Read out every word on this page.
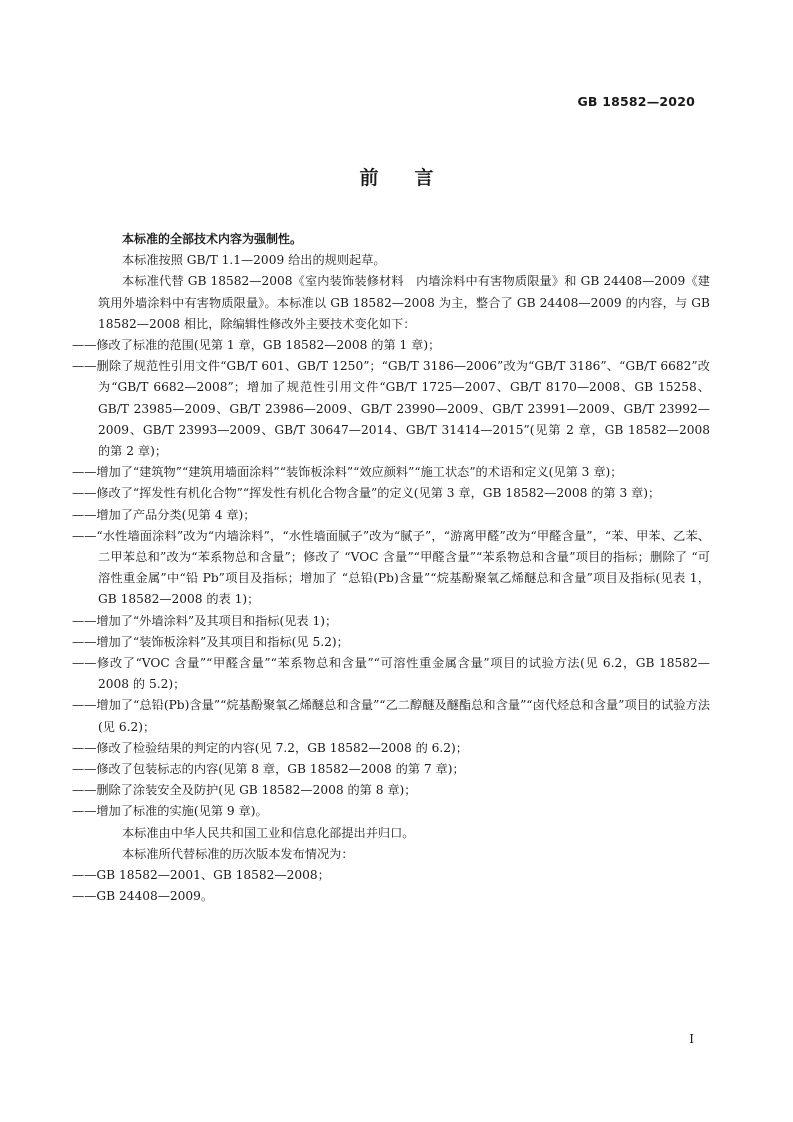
GB 18582—2020
前言

本标准的全部技术内容为强制性。

本标准按照 GB/T 1.1—2009 给出的规则起草。

本标准代替 GB 18582—2008《室内装饰装修材料　内墙涂料中有害物质限量》和 GB 24408—2009《建筑用外墙涂料中有害物质限量》。本标准以 GB 18582—2008 为主，整合了 GB 24408—2009 的内容，与 GB 18582—2008 相比，除编辑性修改外主要技术变化如下：

——修改了标准的范围(见第 1 章，GB 18582—2008 的第 1 章)；

——删除了规范性引用文件“GB/T 601、GB/T 1250”；“GB/T 3186—2006”改为“GB/T 3186”、“GB/T 6682”改为“GB/T 6682—2008”；增加了规范性引用文件“GB/T 1725—2007、GB/T 8170—2008、GB 15258、GB/T 23985—2009、GB/T 23986—2009、GB/T 23990—2009、GB/T 23991—2009、GB/T 23992—2009、GB/T 23993—2009、GB/T 30647—2014、GB/T 31414—2015”(见第 2 章，GB 18582—2008 的第 2 章)；

——增加了“建筑物”“建筑用墙面涂料”“装饰板涂料”“效应颜料”“施工状态”的术语和定义(见第 3 章)；

——修改了“挥发性有机化合物”“挥发性有机化合物含量”的定义(见第 3 章，GB 18582—2008 的第 3 章)；

——增加了产品分类(见第 4 章)；

——“水性墙面涂料”改为“内墙涂料”，“水性墙面腻子”改为“腻子”，“游离甲醛”改为“甲醛含量”，“苯、甲苯、乙苯、二甲苯总和”改为“苯系物总和含量”；修改了 “VOC 含量”“甲醛含量”“苯系物总和含量”项目的指标；删除了 “可溶性重金属”中“铅 Pb”项目及指标；增加了 “总铅(Pb)含量”“烷基酚聚氧乙烯醚总和含量”项目及指标(见表 1，GB 18582—2008 的表 1)；

——增加了“外墙涂料”及其项目和指标(见表 1)；

——增加了“装饰板涂料”及其项目和指标(见 5.2)；

——修改了“VOC 含量”“甲醛含量”“苯系物总和含量”“可溶性重金属含量”项目的试验方法(见 6.2，GB 18582—2008 的 5.2)；

——增加了“总铅(Pb)含量”“烷基酚聚氧乙烯醚总和含量”“乙二醇醚及醚酯总和含量”“卤代烃总和含量”项目的试验方法(见 6.2)；

——修改了检验结果的判定的内容(见 7.2，GB 18582—2008 的 6.2)；

——修改了包装标志的内容(见第 8 章，GB 18582—2008 的第 7 章)；

——删除了涂装安全及防护(见 GB 18582—2008 的第 8 章)；

——增加了标准的实施(见第 9 章)。

本标准由中华人民共和国工业和信息化部提出并归口。

本标准所代替标准的历次版本发布情况为：

——GB 18582—2001、GB 18582—2008；

——GB 24408—2009。

I
